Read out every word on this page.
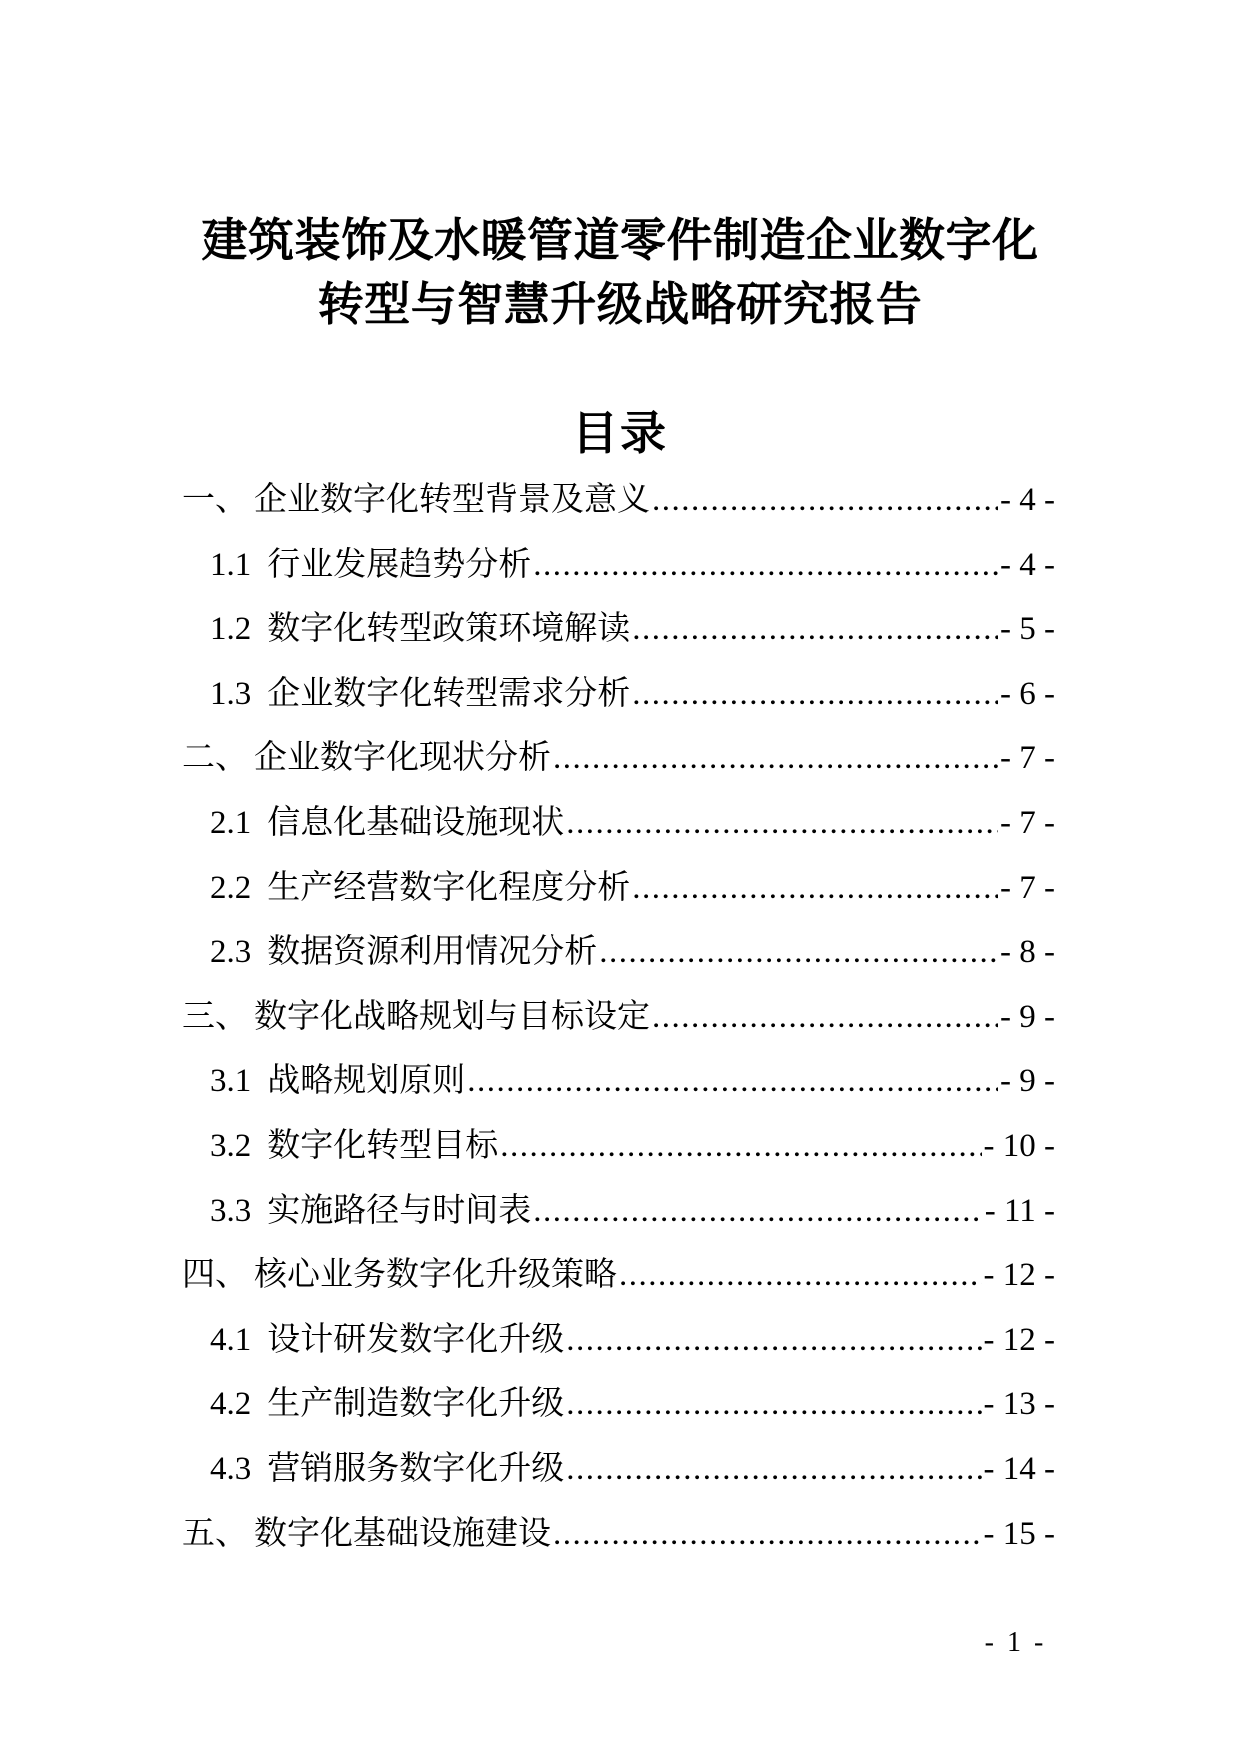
建筑装饰及水暖管道零件制造企业数字化
转型与智慧升级战略研究报告
目录
一、 企业数字化转型背景及意义 .....	- 4 -
1.1 行业发展趋势分析 .....	- 4 -
1.2 数字化转型政策环境解读 .....	- 5 -
1.3 企业数字化转型需求分析 .....	- 6 -
二、 企业数字化现状分析 .....	- 7 -
2.1 信息化基础设施现状 .....	- 7 -
2.2 生产经营数字化程度分析 .....	- 7 -
2.3 数据资源利用情况分析 .....	- 8 -
三、 数字化战略规划与目标设定 .....	- 9 -
3.1 战略规划原则 .....	- 9 -
3.2 数字化转型目标 .....	- 10 -
3.3 实施路径与时间表 .....	- 11 -
四、 核心业务数字化升级策略 .....	- 12 -
4.1 设计研发数字化升级 .....	- 12 -
4.2 生产制造数字化升级 .....	- 13 -
4.3 营销服务数字化升级 .....	- 14 -
五、 数字化基础设施建设 .....	- 15 -
- 1 -
